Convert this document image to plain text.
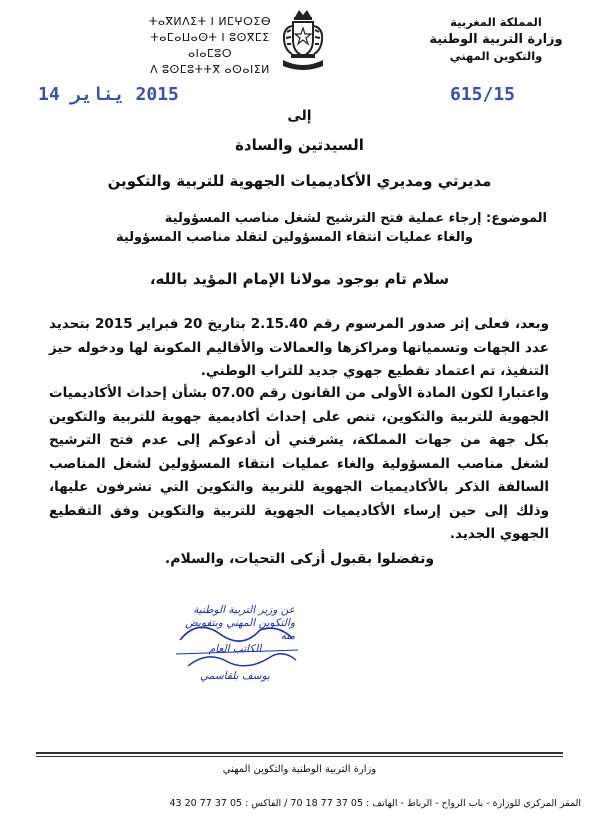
المملكة المغربية
وزارة التربية الوطنية
والتكوين المهني
ⵜⴰⴳⵍⴷⵉⵜ ⵏ ⵍⵎⵖⵔⵉⴱ
ⵜⴰⵎⴰⵡⴰⵙⵜ ⵏ ⵓⵙⴳⵎⵉ ⴰⵏⴰⵎⵓⵔ
ⴷ ⵓⵙⵎⵓⵜⵜⴳ ⴰⵙⴰⵏⵉⵍ
2015 يناير 14	615/15
إلى
السيدتين والسادة
مديرتي ومديري الأكاديميات الجهوية للتربية والتكوين
الموضوع: إرجاء عملية فتح الترشيح لشغل مناصب المسؤولية
والغاء عمليات انتقاء المسؤولين لتقلد مناصب المسؤولية
سلام تام بوجود مولانا الإمام المؤيد بالله،
وبعد، فعلى إثر صدور المرسوم رقم 2.15.40 بتاريخ 20 فبراير 2015 بتحديد عدد الجهات وتسمياتها ومراكزها والعمالات والأقاليم المكونة لها ودخوله حيز التنفيذ، تم اعتماد تقطيع جهوي جديد للتراب الوطني.
واعتبارا لكون المادة الأولى من القانون رقم 07.00 بشأن إحداث الأكاديميات الجهوية للتربية والتكوين، تنص على إحداث أكاديمية جهوية للتربية والتكوين بكل جهة من جهات المملكة، يشرفني أن أدعوكم إلى عدم فتح الترشيح لشغل مناصب المسؤولية والغاء عمليات انتقاء المسؤولين لشغل المناصب السالفة الذكر بالأكاديميات الجهوية للتربية والتكوين التي تشرفون عليها، وذلك إلى حين إرساء الأكاديميات الجهوية للتربية والتكوين وفق التقطيع الجهوي الجديد.
وتفضلوا بقبول أزكى التحيات، والسلام.
عن وزير التربية الوطنية
والتكوين المهني وبتفويض منه
الكاتب العام
يوسف بلقاسمي
وزارة التربية الوطنية والتكوين المهني
المقر المركزي للوزارة - باب الرواح - الرباط - الهاتف : 05 37 77 18 70 / الفاكس : 05 37 77 20 43
